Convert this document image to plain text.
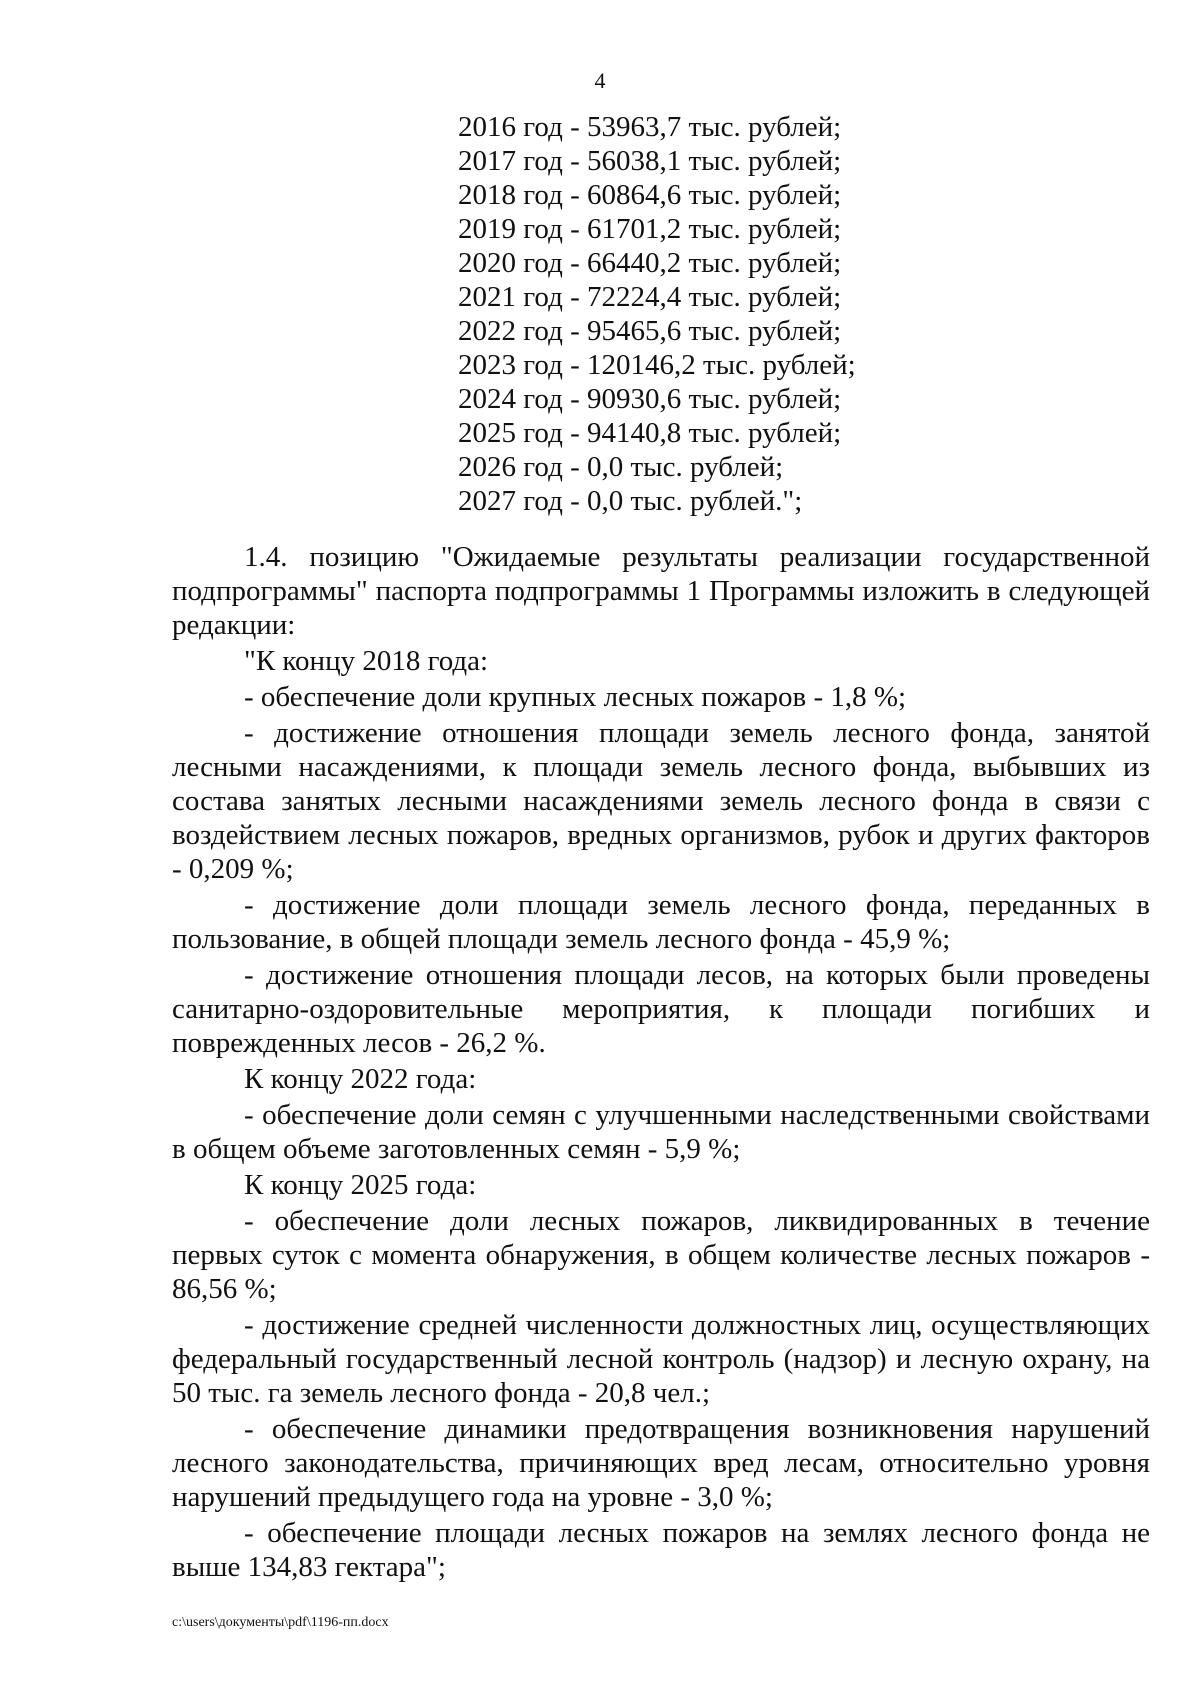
4
2016 год - 53963,7 тыс. рублей;
2017 год - 56038,1 тыс. рублей;
2018 год - 60864,6 тыс. рублей;
2019 год - 61701,2 тыс. рублей;
2020 год - 66440,2 тыс. рублей;
2021 год - 72224,4 тыс. рублей;
2022 год - 95465,6 тыс. рублей;
2023 год - 120146,2 тыс. рублей;
2024 год - 90930,6 тыс. рублей;
2025 год - 94140,8 тыс. рублей;
2026 год - 0,0 тыс. рублей;
2027 год - 0,0 тыс. рублей.";

1.4. позицию "Ожидаемые результаты реализации государственной подпрограммы" паспорта подпрограммы 1 Программы изложить в следующей редакции:

"К концу 2018 года:

- обеспечение доли крупных лесных пожаров - 1,8 %;

- достижение отношения площади земель лесного фонда, занятой лесными насаждениями, к площади земель лесного фонда, выбывших из состава занятых лесными насаждениями земель лесного фонда в связи с воздействием лесных пожаров, вредных организмов, рубок и других факторов - 0,209 %;

- достижение доли площади земель лесного фонда, переданных в пользование, в общей площади земель лесного фонда - 45,9 %;

- достижение отношения площади лесов, на которых были проведены санитарно-оздоровительные мероприятия, к площади погибших и поврежденных лесов - 26,2 %.

К концу 2022 года:

- обеспечение доли семян с улучшенными наследственными свойствами в общем объеме заготовленных семян - 5,9 %;

К концу 2025 года:

- обеспечение доли лесных пожаров, ликвидированных в течение первых суток с момента обнаружения, в общем количестве лесных пожаров - 86,56 %;

- достижение средней численности должностных лиц, осуществляющих федеральный государственный лесной контроль (надзор) и лесную охрану, на 50 тыс. га земель лесного фонда - 20,8 чел.;

- обеспечение динамики предотвращения возникновения нарушений лесного законодательства, причиняющих вред лесам, относительно уровня нарушений предыдущего года на уровне - 3,0 %;

- обеспечение площади лесных пожаров на землях лесного фонда не выше 134,83 гектара";

c:\users\документы\pdf\1196-пп.docx
